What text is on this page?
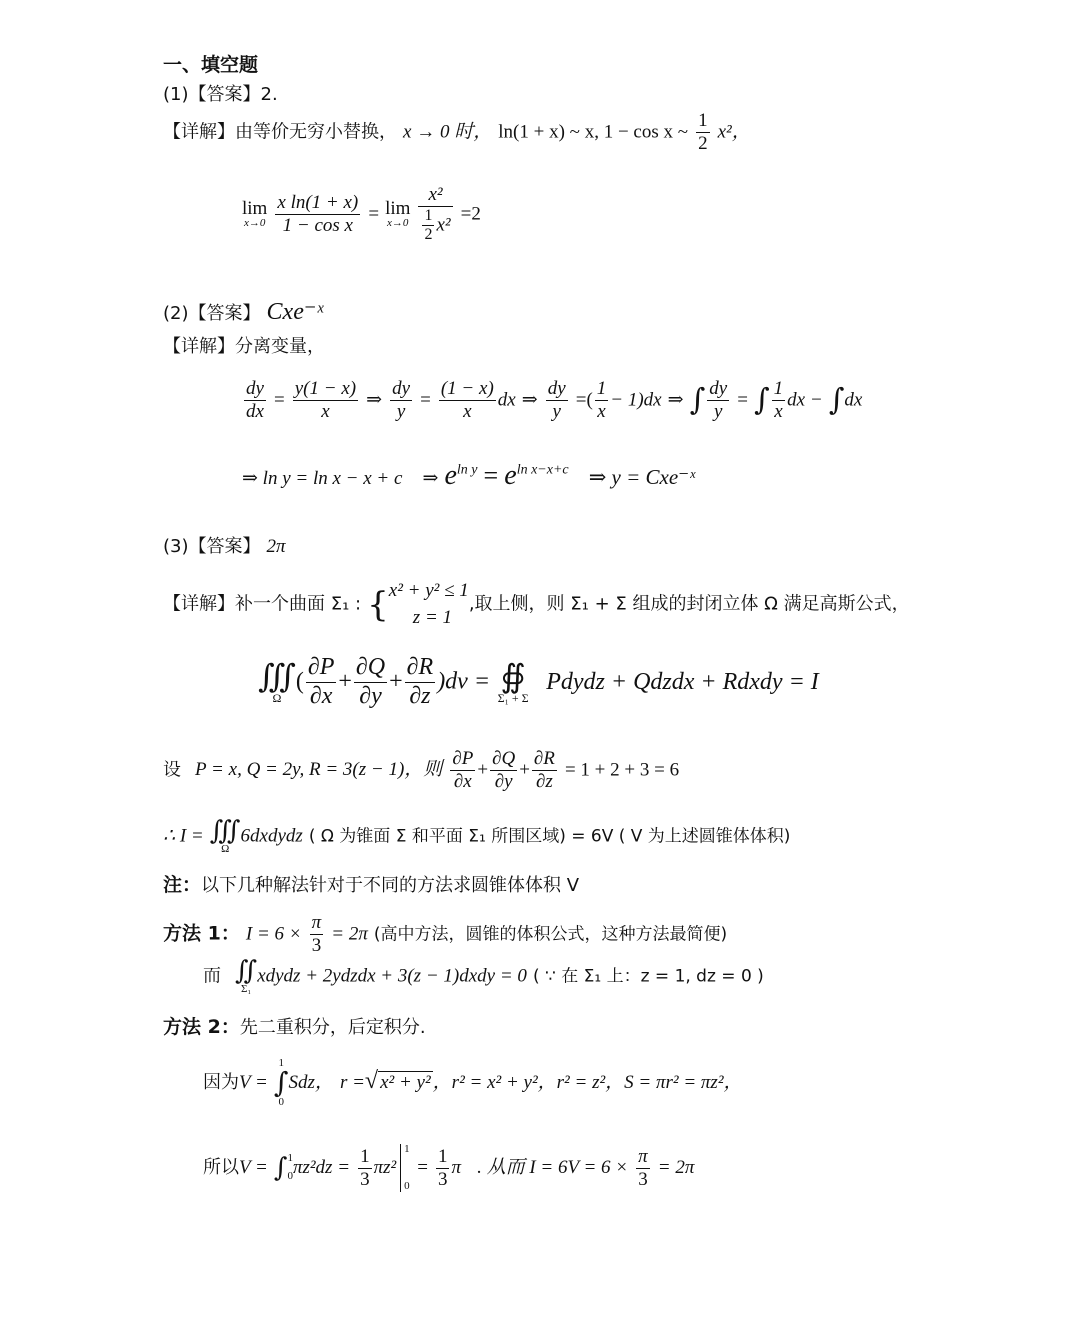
一、填空题
(1)【答案】2.
【详解】由等价无穷小替换， x → 0 时， ln(1 + x) ~ x, 1 − cos x ~ $\frac{1}{2} x^2$，
lim
x→0
$\frac{\text{x ln(1 + x)}}{\text{1 − cos x}} = \lim$
x→0
$\frac{\text{x²}}{\frac{1}{2} x^2} =2$
(2)【答案】 Cxe⁻ˣ
【详解】分离变量，
$\frac{dy}{dx} = \frac{y(1 - x)}{x}$ ⇒ $\frac{dy}{y} = \frac{(1 - x)}{x}$ dx ⇒ $\frac{dy}{y}$ =( $\frac{1}{x} - 1)dx$ ⇒ ∫ $\frac{dy}{y}$ = ∫ $\frac{1}{x}$ dx − ∫dx
⇒ ln y = ln x − x + c ⇒ $e^{ln y} = e^{ln x-x+c}$ ⇒ y = Cxe⁻ˣ
(3)【答案】 2π
【详解】补一个曲面 Σ₁ : { x² + y² ≤ 1
z = 1
,取上侧，则 Σ₁ + Σ 组成的封闭立体 Ω 满足高斯公式，
∭
Ω
( $\frac{\partial P}{\partial x} + \frac{\partial Q}{\partial y} + \frac{\partial R}{\partial z} )dv$ = ∯
Σ₁ + Σ
Pdydz + Qdzdx + Rdxdy = I
设 P = x, Q = 2y, R = 3(z − 1)，则 $\frac{\partial P}{\partial x} + \frac{\partial Q}{\partial y} + \frac{\partial R}{\partial z} = 1 + 2 + 3 = 6$
∴ I = ∭
Ω
6dxdydz ( Ω 为锥面 Σ 和平面 Σ₁ 所围区域) = 6V ( V 为上述圆锥体体积)
注：以下几种解法针对于不同的方法求圆锥体体积 V
方法 1： $I = 6 \times \frac{\pi}{3} = 2\pi$ (高中方法，圆锥的体积公式，这种方法最简便)
而 ∬
Σ₁
xdydz + 2ydzdx + 3(z − 1)dxdy = 0 ( ∵ 在 Σ₁ 上：z = 1, dz = 0 )
方法 2：先二重积分，后定积分.
因为V =
1
∫
0
Sdz， r =√ x² + y² ，r² = x² + y²，r² = z²，S = πr² = πz²，
所以V = ∫ 1
0 $\pi z^2dz = \frac{1}{3} \pi z^2$
1
0
= $\frac{1}{3}$ π . 从而 $I = 6V = 6 \times \frac{\pi}{3} = 2\pi$
